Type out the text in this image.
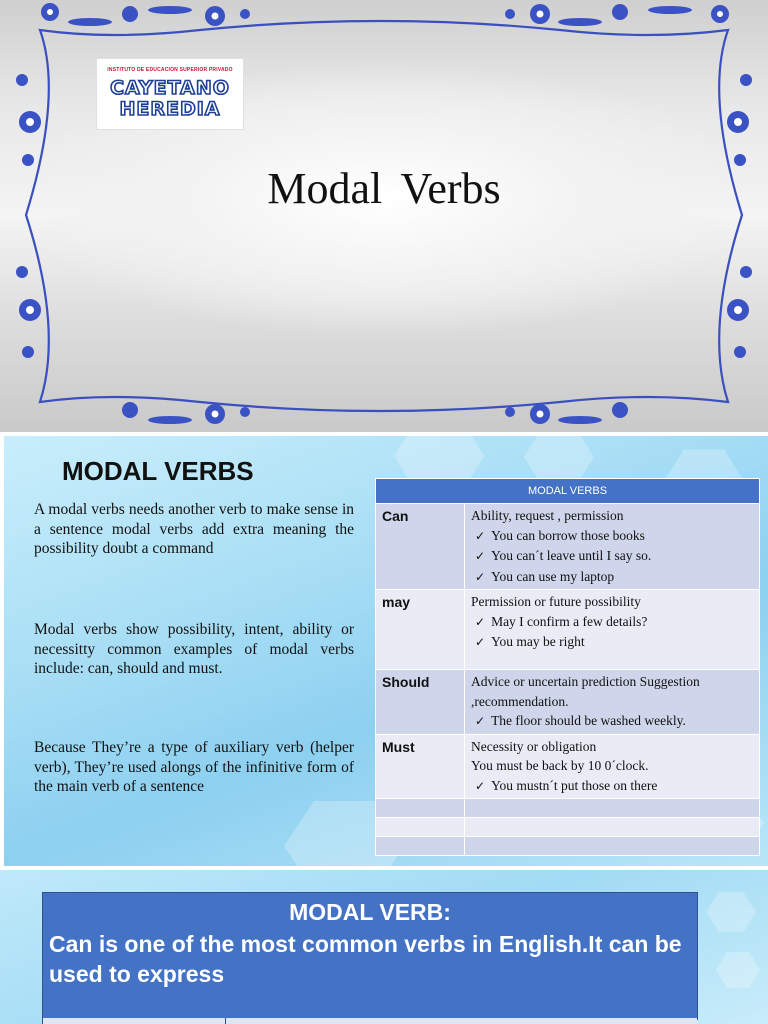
INSTITUTO DE EDUCACIÓN SUPERIOR PRIVADO
CAYETANO
HEREDIA
Modal Verbs
MODAL VERBS

A modal verbs needs another verb to make sense in a sentence modal verbs add extra meaning the possibility doubt a command

Modal verbs show possibility, intent, ability or necessitty common examples of modal verbs include: can, should and must.

Because They’re a type of auxiliary verb (helper verb), They’re used alongs of the infinitive form of the main verb of a sentence

MODAL VERBS	
Can	Ability, request , permission
✓ You can borrow those books
✓ You can´t leave until I say so.
✓ You can use my laptop

may	Permission or future possibility
✓ May I confirm a few details?
✓ You may be right

Should	Advice or uncertain prediction Suggestion ,recommendation.
✓ The floor should be washed weekly.

Must	Necessity or obligation
You must be back by 10 0´clock.
✓ You mustn´t put those on there

MODAL VERB:

Can is one of the most common verbs in English.It can be used to express
